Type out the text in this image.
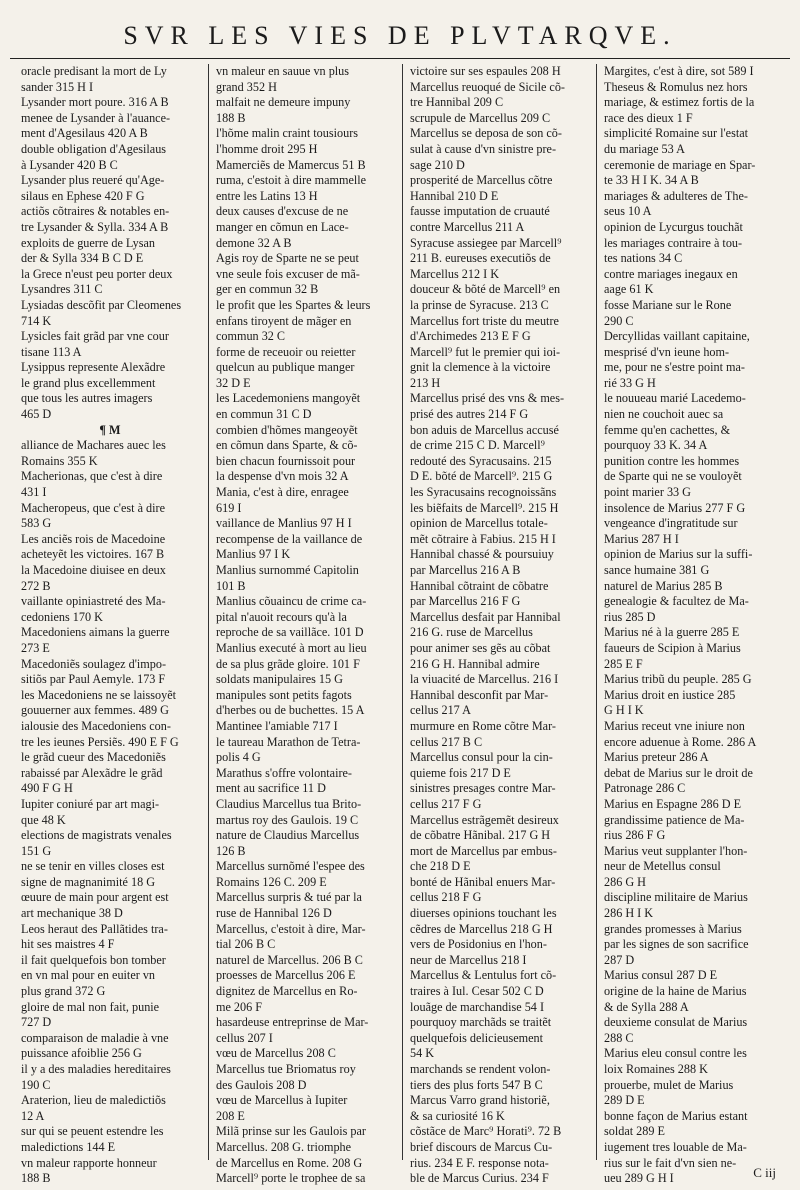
SVR LES VIES DE PLVTARQVE.
oracle predisant la mort de Ly
sander 315 H I
Lysander mort poure. 316 A B
menee de Lysander à l'auance-
ment d'Agesilaus 420 A B
double obligation d'Agesilaus
à Lysander 420 B C
Lysander plus reueré qu'Age-
silaus en Ephese 420 F G
actiõs cõtraires & notables en-
tre Lysander & Sylla. 334 A B
exploits de guerre de Lysan
der & Sylla 334 B C D E
la Grece n'eust peu porter deux
Lysandres 311 C
Lysiadas descõfit par Cleomenes
714 K
Lysicles fait grãd par vne cour
tisane 113 A
Lysippus represente Alexãdre
le grand plus excellemment
que tous les autres imagers
465 D
¶ M
alliance de Machares auec les
Romains 355 K
Macherionas, que c'est à dire
431 I
Macheropeus, que c'est à dire
583 G
Les anciẽs rois de Macedoine
acheteyẽt les victoires. 167 B
la Macedoine diuisee en deux
272 B
vaillante opiniastreté des Ma-
cedoniens 170 K
Macedoniens aimans la guerre
273 E
Macedoniẽs soulagez d'impo-
sitiõs par Paul Aemyle. 173 F
les Macedoniens ne se laissoyẽt
gouuerner aux femmes. 489 G
ialousie des Macedoniens con-
tre les ieunes Persiẽs. 490 E F G
le grãd cueur des Macedoniẽs
rabaissé par Alexãdre le grãd
490 F G H
Iupiter coniuré par art magi-
que 48 K
elections de magistrats venales
151 G
ne se tenir en villes closes est
signe de magnanimité 18 G
œuure de main pour argent est
art mechanique 38 D
Leos heraut des Pallãtides tra-
hit ses maistres 4 F
il fait quelquefois bon tomber
en vn mal pour en euiter vn
plus grand 372 G
gloire de mal non fait, punie
727 D
comparaison de maladie à vne
puissance afoiblie 256 G
il y a des maladies hereditaires
190 C
Araterion, lieu de maledictiõs
12 A
sur qui se peuent estendre les
maledictions 144 E
vn maleur rapporte honneur
188 B
vn maleur en sauue vn plus
grand 352 H
malfait ne demeure impuny
188 B
l'hõme malin craint tousiours
l'homme droit 295 H
Mamerciẽs de Mamercus 51 B
ruma, c'estoit à dire mammelle
entre les Latins 13 H
deux causes d'excuse de ne
manger en cõmun en Lace-
demone 32 A B
Agis roy de Sparte ne se peut
vne seule fois excuser de mã-
ger en commun 32 B
le profit que les Spartes & leurs
enfans tiroyent de mãger en
commun 32 C
forme de receuoir ou reietter
quelcun au publique manger
32 D E
les Lacedemoniens mangoyẽt
en commun 31 C D
combien d'hõmes mangeoyẽt
en cõmun dans Sparte, & cõ-
bien chacun fournissoit pour
la despense d'vn mois 32 A
Mania, c'est à dire, enragee
619 I
vaillance de Manlius 97 H I
recompense de la vaillance de
Manlius 97 I K
Manlius surnommé Capitolin
101 B
Manlius cõuaincu de crime ca-
pital n'auoit recours qu'à la
reproche de sa vaillãce. 101 D
Manlius executé à mort au lieu
de sa plus grãde gloire. 101 F
soldats manipulaires 15 G
manipules sont petits fagots
d'herbes ou de buchettes. 15 A
Mantinee l'amiable 717 I
le taureau Marathon de Tetra-
polis 4 G
Marathus s'offre volontaire-
ment au sacrifice 11 D
Claudius Marcellus tua Brito-
martus roy des Gaulois. 19 C
nature de Claudius Marcellus
126 B
Marcellus surnõmé l'espee des
Romains 126 C. 209 E
Marcellus surpris & tué par la
ruse de Hannibal 126 D
Marcellus, c'estoit à dire, Mar-
tial 206 B C
naturel de Marcellus. 206 B C
proesses de Marcellus 206 E
dignitez de Marcellus en Ro-
me 206 F
hasardeuse entreprinse de Mar-
cellus 207 I
vœu de Marcellus 208 C
Marcellus tue Briomatus roy
des Gaulois 208 D
vœu de Marcellus à Iupiter
208 E
Milã prinse sur les Gaulois par
Marcellus. 208 G. triomphe
de Marcellus en Rome. 208 G
Marcell⁹ porte le trophee de sa
victoire sur ses espaules 208 H
Marcellus reuoqué de Sicile cõ-
tre Hannibal 209 C
scrupule de Marcellus 209 C
Marcellus se deposa de son cõ-
sulat à cause d'vn sinistre pre-
sage 210 D
prosperité de Marcellus cõtre
Hannibal 210 D E
fausse imputation de cruauté
contre Marcellus 211 A
Syracuse assiegee par Marcell⁹
211 B. eureuses executiõs de
Marcellus 212 I K
douceur & bõté de Marcell⁹ en
la prinse de Syracuse. 213 C
Marcellus fort triste du meutre
d'Archimedes 213 E F G
Marcell⁹ fut le premier qui ioi-
gnit la clemence à la victoire
213 H
Marcellus prisé des vns & mes-
prisé des autres 214 F G
bon aduis de Marcellus accusé
de crime 215 C D. Marcell⁹
redouté des Syracusains. 215
D E. bõté de Marcell⁹. 215 G
les Syracusains recognoissãns
les biẽfaits de Marcell⁹. 215 H
opinion de Marcellus totale-
mẽt cõtraire à Fabius. 215 H I
Hannibal chassé & poursuiuy
par Marcellus 216 A B
Hannibal cõtraint de cõbatre
par Marcellus 216 F G
Marcellus desfait par Hannibal
216 G. ruse de Marcellus
pour animer ses gẽs au cõbat
216 G H. Hannibal admire
la viuacité de Marcellus. 216 I
Hannibal desconfit par Mar-
cellus 217 A
murmure en Rome cõtre Mar-
cellus 217 B C
Marcellus consul pour la cin-
quieme fois 217 D E
sinistres presages contre Mar-
cellus 217 F G
Marcellus estrãgemẽt desireux
de cõbatre Hãnibal. 217 G H
mort de Marcellus par embus-
che 218 D E
bonté de Hãnibal enuers Mar-
cellus 218 F G
diuerses opinions touchant les
cẽdres de Marcellus 218 G H
vers de Posidonius en l'hon-
neur de Marcellus 218 I
Marcellus & Lentulus fort cõ-
traires à Iul. Cesar 502 C D
louãge de marchandise 54 I
pourquoy marchãds se traitẽt
quelquefois delicieusement
54 K
marchands se rendent volon-
tiers des plus forts 547 B C
Marcus Varro grand historiẽ,
& sa curiosité 16 K
cõstãce de Marc⁹ Horati⁹. 72 B
brief discours de Marcus Cu-
rius. 234 E F. response nota-
ble de Marcus Curius. 234 F
Margites, c'est à dire, sot 589 I
Theseus & Romulus nez hors
mariage, & estimez fortis de la
race des dieux 1 F
simplicité Romaine sur l'estat
du mariage 53 A
ceremonie de mariage en Spar-
te 33 H I K. 34 A B
mariages & adulteres de The-
seus 10 A
opinion de Lycurgus touchãt
les mariages contraire à tou-
tes nations 34 C
contre mariages inegaux en
aage 61 K
fosse Mariane sur le Rone
290 C
Dercyllidas vaillant capitaine,
mesprisé d'vn ieune hom-
me, pour ne s'estre point ma-
rié 33 G H
le nouueau marié Lacedemo-
nien ne couchoit auec sa
femme qu'en cachettes, &
pourquoy 33 K. 34 A
punition contre les hommes
de Sparte qui ne se vouloyẽt
point marier 33 G
insolence de Marius 277 F G
vengeance d'ingratitude sur
Marius 287 H I
opinion de Marius sur la suffi-
sance humaine 381 G
naturel de Marius 285 B
genealogie & facultez de Ma-
rius 285 D
Marius né à la guerre 285 E
faueurs de Scipion à Marius
285 E F
Marius tribũ du peuple. 285 G
Marius droit en iustice 285
G H I K
Marius receut vne iniure non
encore aduenue à Rome. 286 A
Marius preteur 286 A
debat de Marius sur le droit de
Patronage 286 C
Marius en Espagne 286 D E
grandissime patience de Ma-
rius 286 F G
Marius veut supplanter l'hon-
neur de Metellus consul
286 G H
discipline militaire de Marius
286 H I K
grandes promesses à Marius
par les signes de son sacrifice
287 D
Marius consul 287 D E
origine de la haine de Marius
& de Sylla 288 A
deuxieme consulat de Marius
288 C
Marius eleu consul contre les
loix Romaines 288 K
prouerbe, mulet de Marius
289 D E
bonne façon de Marius estant
soldat 289 E
iugement tres louable de Ma-
rius sur le fait d'vn sien ne-
ueu 289 G H I	C iij
